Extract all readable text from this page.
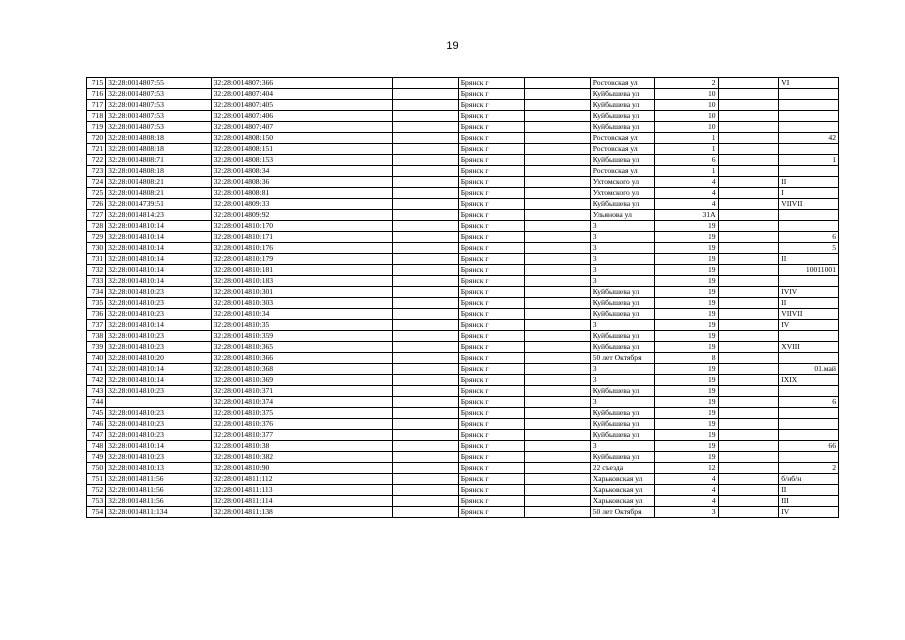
19
715	32:28:0014807:55	32:28:0014807:366		Брянск г		Ростовская ул	2		VI
716	32:28:0014807:53	32:28:0014807:404		Брянск г		Куйбышева ул	10		
717	32:28:0014807:53	32:28:0014807:405		Брянск г		Куйбышева ул	10		
718	32:28:0014807:53	32:28:0014807:406		Брянск г		Куйбышева ул	10		
719	32:28:0014807:53	32:28:0014807:407		Брянск г		Куйбышева ул	10		
720	32:28:0014808:18	32:28:0014808:150		Брянск г		Ростовская ул	1		42
721	32:28:0014808:18	32:28:0014808:151		Брянск г		Ростовская ул	1		
722	32:28:0014808:71	32:28:0014808:153		Брянск г		Куйбышева ул	6		1
723	32:28:0014808:18	32:28:0014808:34		Брянск г		Ростовская ул	1		
724	32:28:0014808:21	32:28:0014808:36		Брянск г		Ухтомского ул	4		II
725	32:28:0014808:21	32:28:0014808:81		Брянск г		Ухтомского ул	4		I
726	32:28:0014739:51	32:28:0014809:33		Брянск г		Куйбышева ул	4		VIIVII
727	32:28:0014814:23	32:28:0014809:92		Брянск г		Ульянова ул	31А		
728	32:28:0014810:14	32:28:0014810:170		Брянск г		3	19		
729	32:28:0014810:14	32:28:0014810:171		Брянск г		3	19		6
730	32:28:0014810:14	32:28:0014810:176		Брянск г		3	19		5
731	32:28:0014810:14	32:28:0014810:179		Брянск г		3	19		II
732	32:28:0014810:14	32:28:0014810:181		Брянск г		3	19		10011001
733	32:28:0014810:14	32:28:0014810:183		Брянск г		3	19		
734	32:28:0014810:23	32:28:0014810:301		Брянск г		Куйбышева ул	19		IVIV
735	32:28:0014810:23	32:28:0014810:303		Брянск г		Куйбышева ул	19		II
736	32:28:0014810:23	32:28:0014810:34		Брянск г		Куйбышева ул	19		VIIVII
737	32:28:0014810:14	32:28:0014810:35		Брянск г		3	19		IV
738	32:28:0014810:23	32:28:0014810:359		Брянск г		Куйбышева ул	19		
739	32:28:0014810:23	32:28:0014810:365		Брянск г		Куйбышева ул	19		XVIII
740	32:28:0014810:20	32:28:0014810:366		Брянск г		50 лет Октября	8		
741	32:28:0014810:14	32:28:0014810:368		Брянск г		3	19		01.май
742	32:28:0014810:14	32:28:0014810:369		Брянск г		3	19		IXIX
743	32:28:0014810:23	32:28:0014810:371		Брянск г		Куйбышева ул	19		
744		32:28:0014810:374		Брянск г		3	19		6
745	32:28:0014810:23	32:28:0014810:375		Брянск г		Куйбышева ул	19		
746	32:28:0014810:23	32:28:0014810:376		Брянск г		Куйбышева ул	19		
747	32:28:0014810:23	32:28:0014810:377		Брянск г		Куйбышева ул	19		
748	32:28:0014810:14	32:28:0014810:38		Брянск г		3	19		66
749	32:28:0014810:23	32:28:0014810:382		Брянск г		Куйбышева ул	19		
750	32:28:0014810:13	32:28:0014810:90		Брянск г		22 съезда	12		2
751	32:28:0014811:56	32:28:0014811:112		Брянск г		Харьковская ул	4		б/нб/н
752	32:28:0014811:56	32:28:0014811:113		Брянск г		Харьковская ул	4		II
753	32:28:0014811:56	32:28:0014811:114		Брянск г		Харьковская ул	4		III
754	32:28:0014811:134	32:28:0014811:138		Брянск г		50 лет Октября	3		IV
